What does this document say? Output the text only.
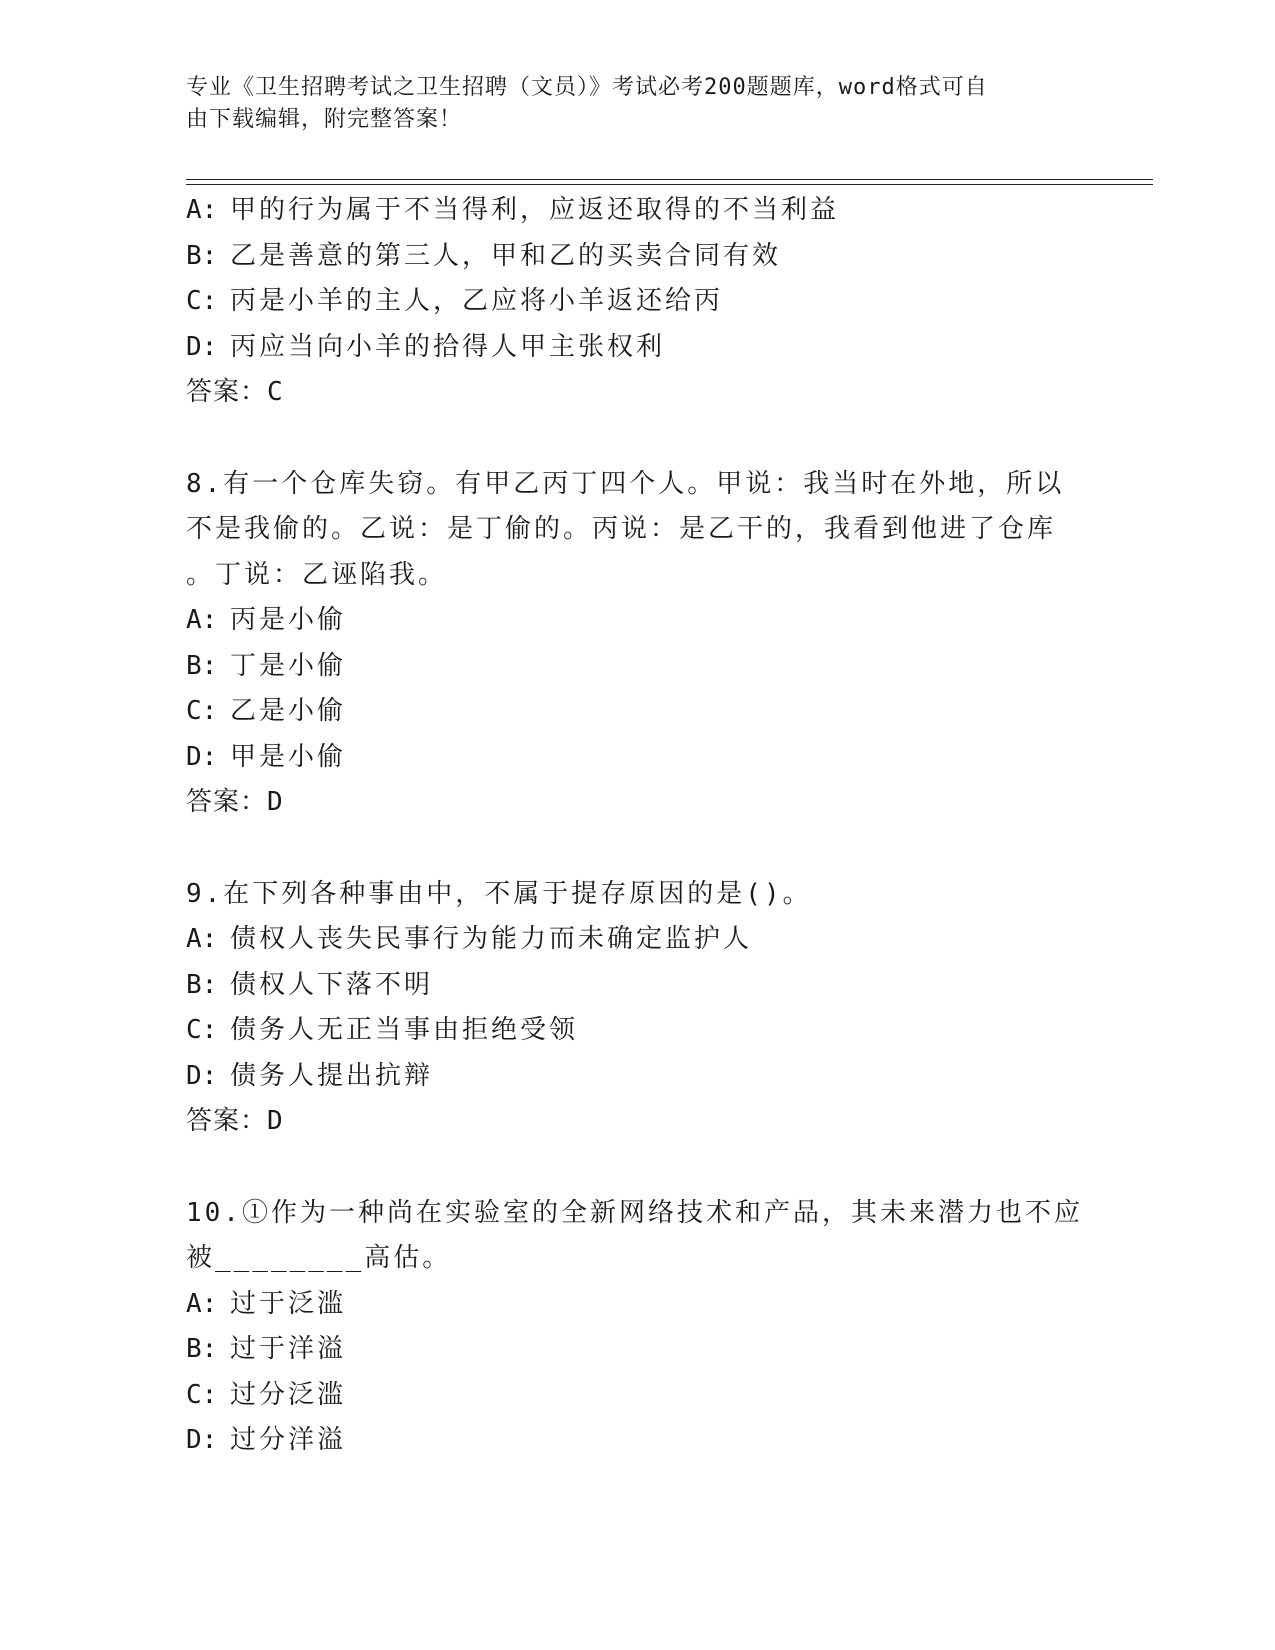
专业《卫生招聘考试之卫生招聘（文员）》考试必考200题题库，word格式可自
由下载编辑，附完整答案！
A: 甲的行为属于不当得利，应返还取得的不当利益
B: 乙是善意的第三人，甲和乙的买卖合同有效
C: 丙是小羊的主人，乙应将小羊返还给丙
D: 丙应当向小羊的拾得人甲主张权利
答案：C
8.有一个仓库失窃。有甲乙丙丁四个人。甲说：我当时在外地，所以
不是我偷的。乙说：是丁偷的。丙说：是乙干的，我看到他进了仓库
。丁说：乙诬陷我。
A: 丙是小偷
B: 丁是小偷
C: 乙是小偷
D: 甲是小偷
答案：D
9.在下列各种事由中，不属于提存原因的是()。
A: 债权人丧失民事行为能力而未确定监护人
B: 债权人下落不明
C: 债务人无正当事由拒绝受领
D: 债务人提出抗辩
答案：D
10.①作为一种尚在实验室的全新网络技术和产品，其未来潜力也不应
被________高估。
A: 过于泛滥
B: 过于洋溢
C: 过分泛滥
D: 过分洋溢
